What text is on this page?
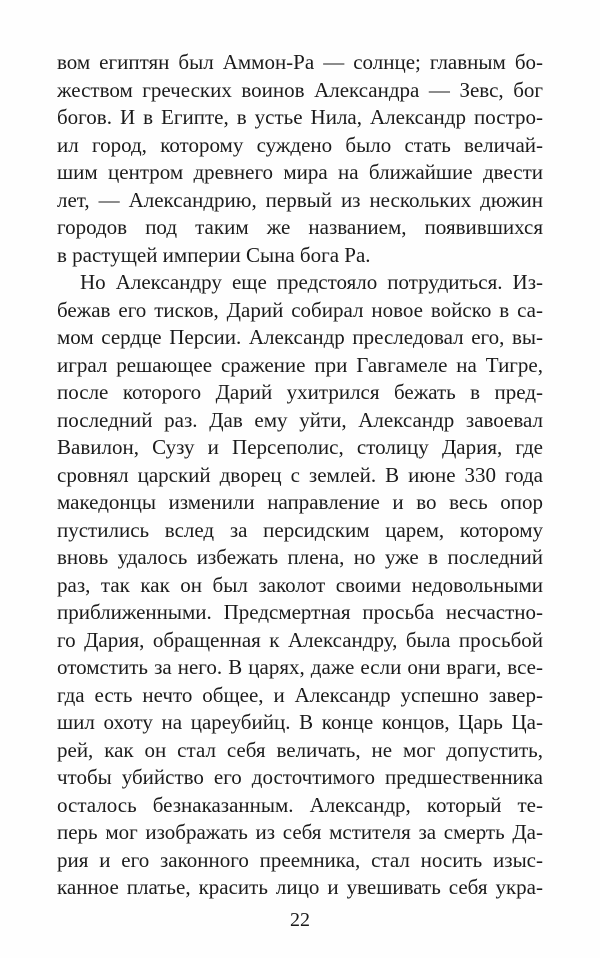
вом египтян был Аммон-Ра — солнце; главным бо-
жеством греческих воинов Александра — Зевс, бог
богов. И в Египте, в устье Нила, Александр постро-
ил город, которому суждено было стать величай-
шим центром древнего мира на ближайшие двести
лет, — Александрию, первый из нескольких дюжин
городов под таким же названием, появившихся
в растущей империи Сына бога Ра.
Но Александру еще предстояло потрудиться. Из-
бежав его тисков, Дарий собирал новое войско в са-
мом сердце Персии. Александр преследовал его, вы-
играл решающее сражение при Гавгамеле на Тигре,
после которого Дарий ухитрился бежать в пред-
последний раз. Дав ему уйти, Александр завоевал
Вавилон, Сузу и Персеполис, столицу Дария, где
сровнял царский дворец с землей. В июне 330 года
македонцы изменили направление и во весь опор
пустились вслед за персидским царем, которому
вновь удалось избежать плена, но уже в последний
раз, так как он был заколот своими недовольными
приближенными. Предсмертная просьба несчастно-
го Дария, обращенная к Александру, была просьбой
отомстить за него. В царях, даже если они враги, все-
гда есть нечто общее, и Александр успешно завер-
шил охоту на цареубийц. В конце концов, Царь Ца-
рей, как он стал себя величать, не мог допустить,
чтобы убийство его досточтимого предшественника
осталось безнаказанным. Александр, который те-
перь мог изображать из себя мстителя за смерть Да-
рия и его законного преемника, стал носить изыс-
канное платье, красить лицо и увешивать себя укра-
22
